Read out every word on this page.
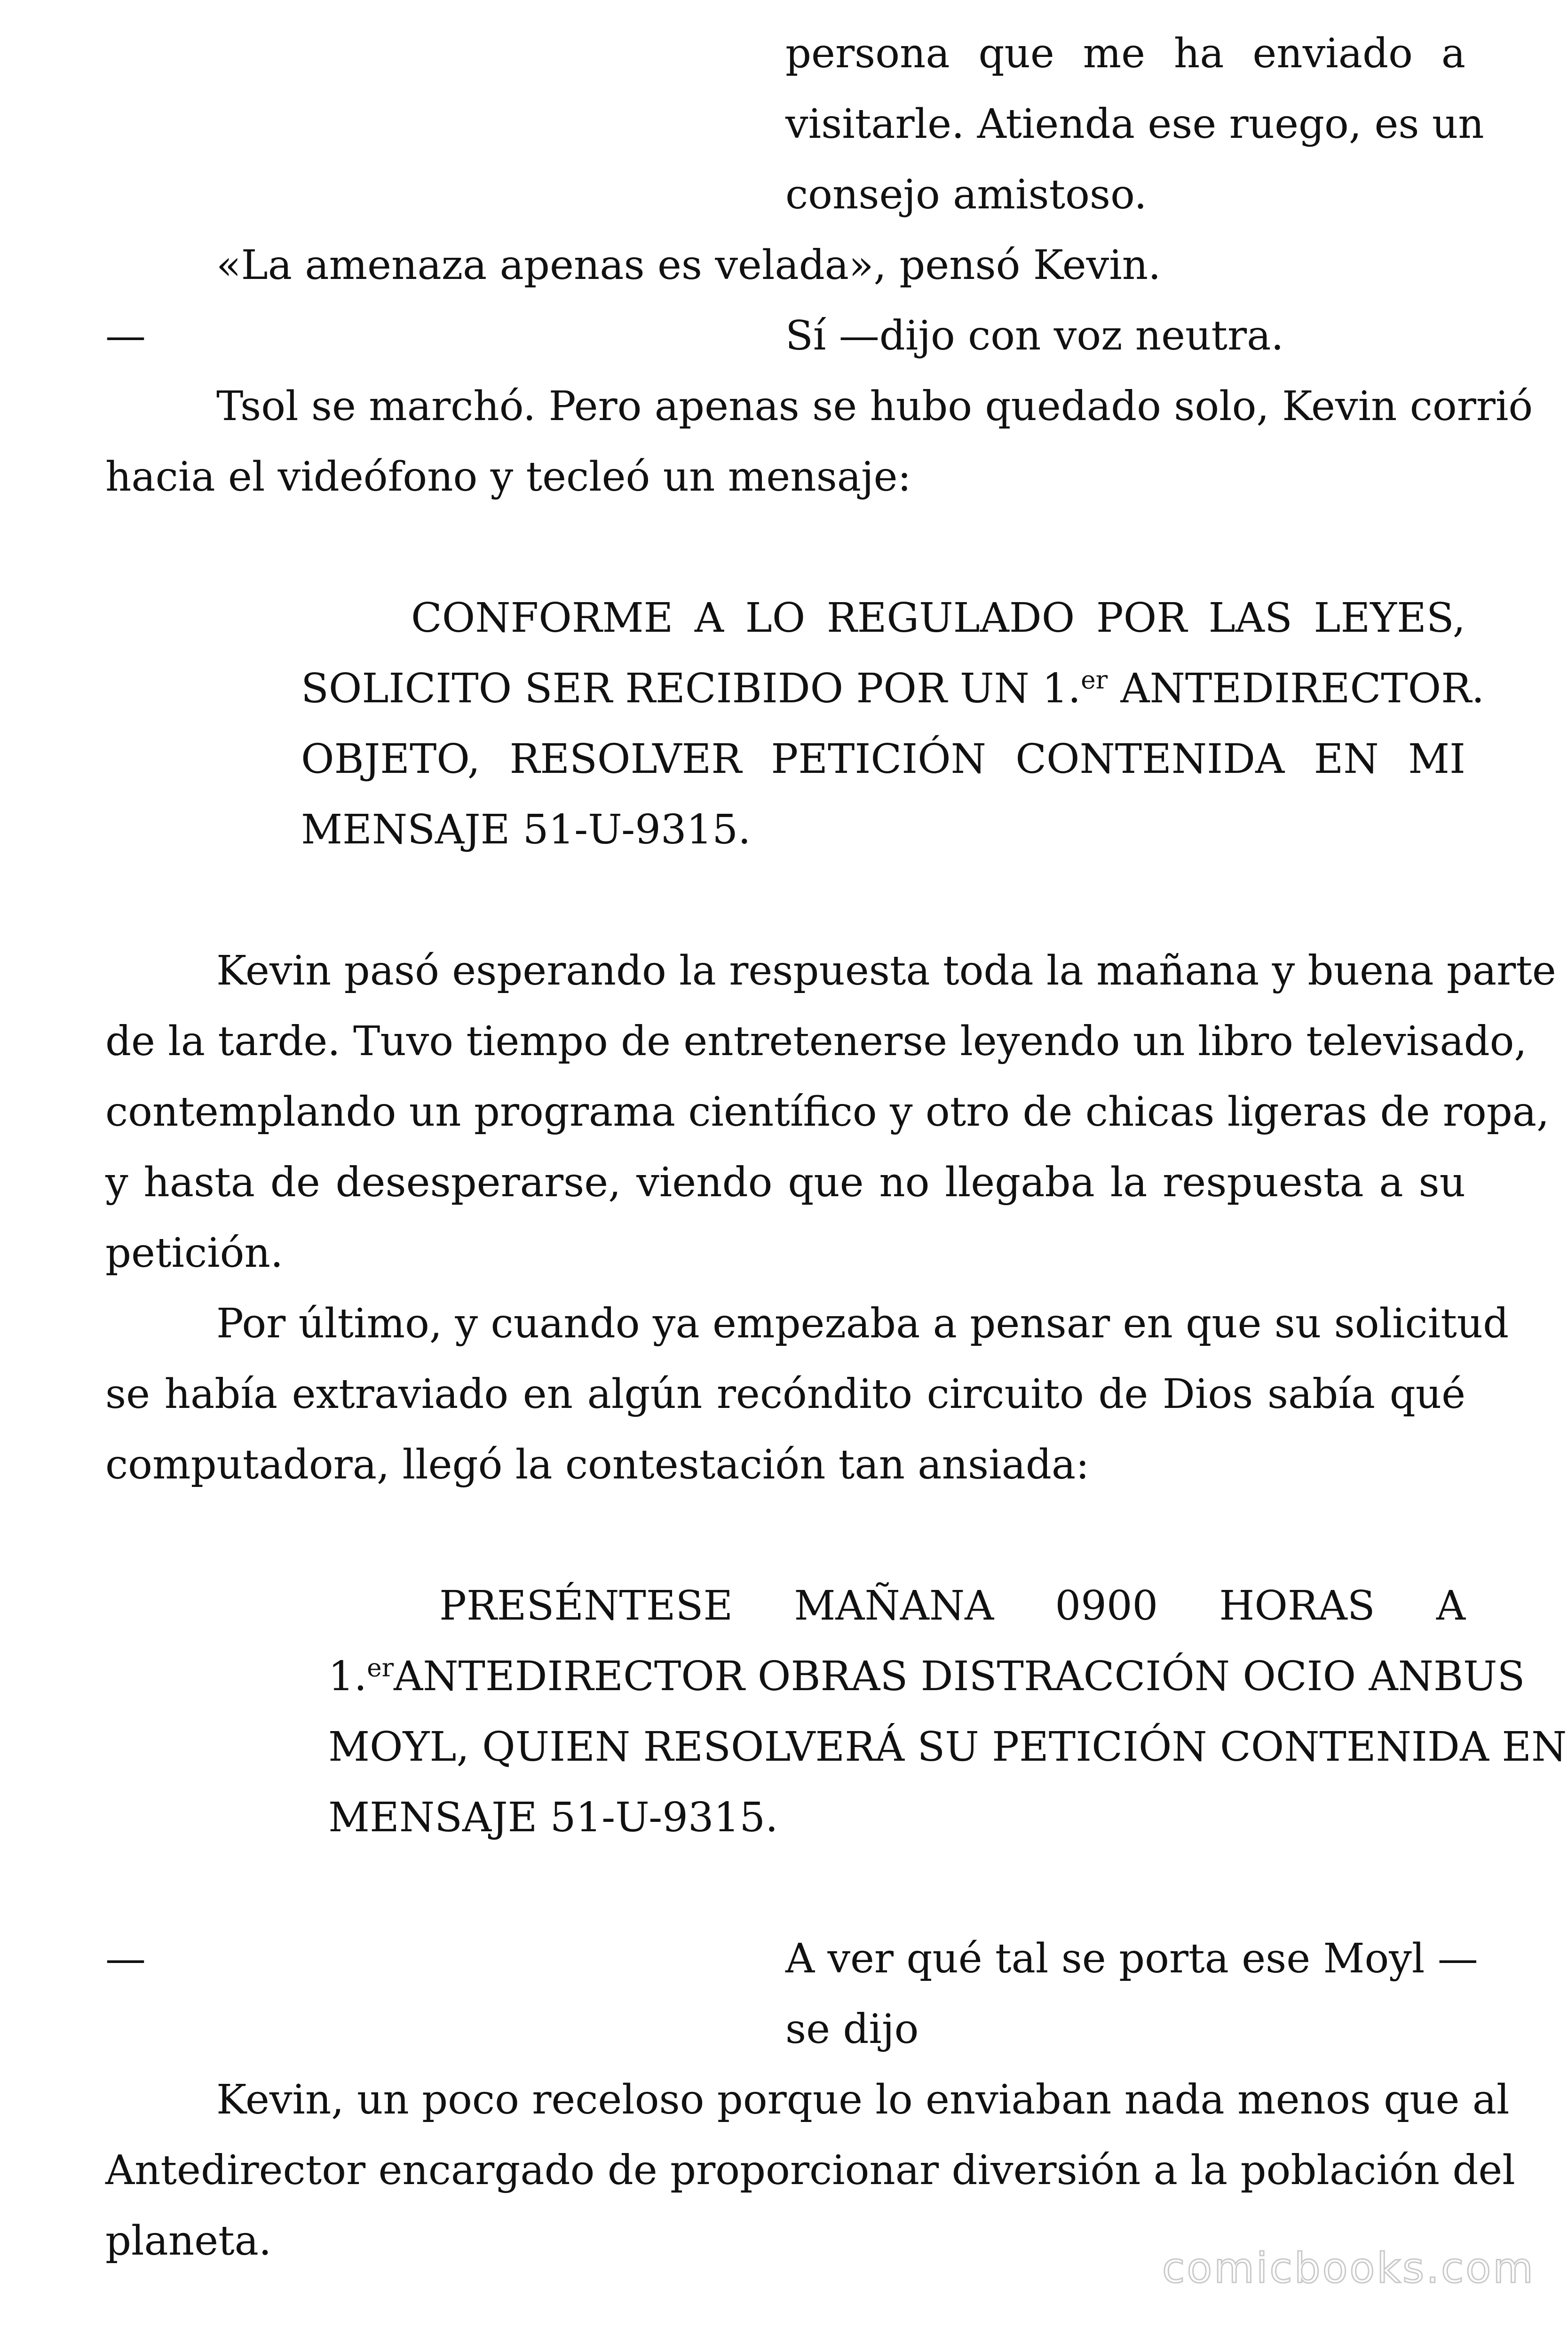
persona que me ha enviado a
visitarle. Atienda ese ruego, es un
consejo amistoso.
«La amenaza apenas es velada», pensó Kevin.
—	Sí —dijo con voz neutra.
Tsol se marchó. Pero apenas se hubo quedado solo, Kevin corrió
hacia el videófono y tecleó un mensaje:
CONFORME A LO REGULADO POR LAS LEYES,
SOLICITO SER RECIBIDO POR UN 1.$^{er}$ ANTEDIRECTOR.
OBJETO, RESOLVER PETICIÓN CONTENIDA EN MI
MENSAJE 51-U-9315.
Kevin pasó esperando la respuesta toda la mañana y buena parte
de la tarde. Tuvo tiempo de entretenerse leyendo un libro televisado,
contemplando un programa científico y otro de chicas ligeras de ropa,
y hasta de desesperarse, viendo que no llegaba la respuesta a su
petición.
Por último, y cuando ya empezaba a pensar en que su solicitud
se había extraviado en algún recóndito circuito de Dios sabía qué
computadora, llegó la contestación tan ansiada:
PRESÉNTESE MAÑANA 0900 HORAS A
1.$^{er}$ANTEDIRECTOR OBRAS DISTRACCIÓN OCIO ANBUS
MOYL, QUIEN RESOLVERÁ SU PETICIÓN CONTENIDA EN
MENSAJE 51-U-9315.
—	A ver qué tal se porta ese Moyl —
se dijo
Kevin, un poco receloso porque lo enviaban nada menos que al
Antedirector encargado de proporcionar diversión a la población del
planeta.
comicbooks.com
